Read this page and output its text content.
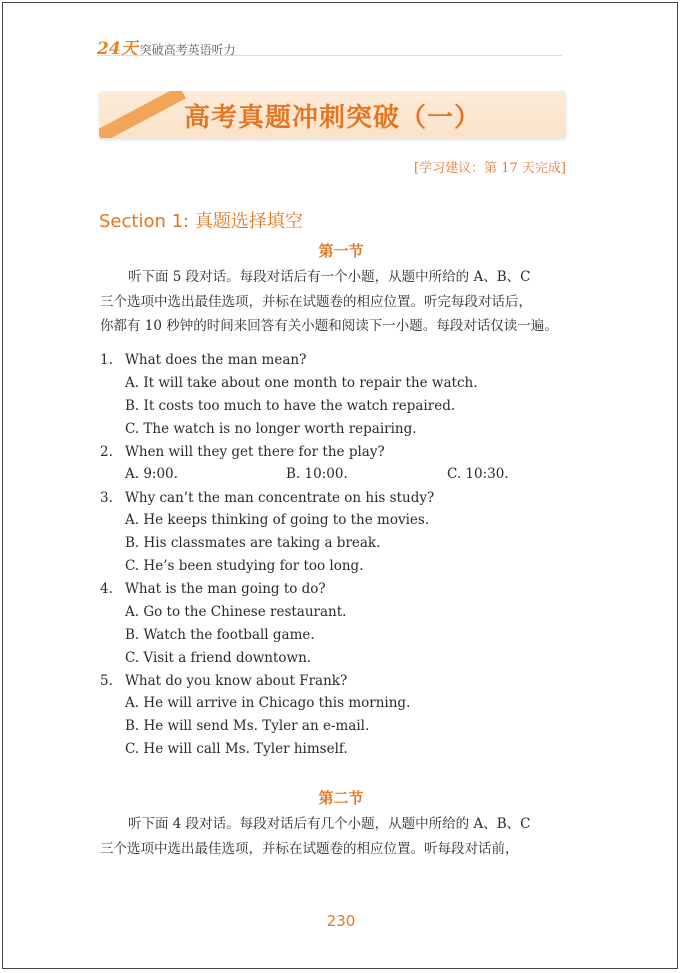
24天 突破高考英语听力
高考真题冲刺突破（一）
[学习建议：第 17 天完成]
Section 1: 真题选择填空
第一节
听下面 5 段对话。每段对话后有一个小题，从题中所给的 A、B、C
三个选项中选出最佳选项，并标在试题卷的相应位置。听完每段对话后，
你都有 10 秒钟的时间来回答有关小题和阅读下一小题。每段对话仅读一遍。
1. What does the man mean?
A. It will take about one month to repair the watch.
B. It costs too much to have the watch repaired.
C. The watch is no longer worth repairing.
2. When will they get there for the play?
A. 9:00.	B. 10:00.	C. 10:30.
3. Why can’t the man concentrate on his study?
A. He keeps thinking of going to the movies.
B. His classmates are taking a break.
C. He’s been studying for too long.
4. What is the man going to do?
A. Go to the Chinese restaurant.
B. Watch the football game.
C. Visit a friend downtown.
5. What do you know about Frank?
A. He will arrive in Chicago this morning.
B. He will send Ms. Tyler an e-mail.
C. He will call Ms. Tyler himself.
第二节
听下面 4 段对话。每段对话后有几个小题，从题中所给的 A、B、C
三个选项中选出最佳选项，并标在试题卷的相应位置。听每段对话前，
230
